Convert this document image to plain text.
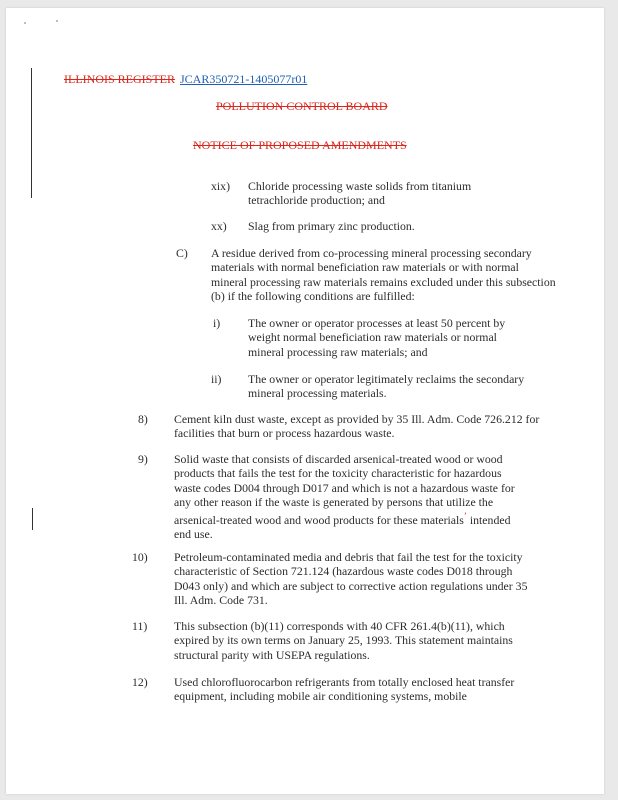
ILLINOIS REGISTER JCAR350721-1405077r01
POLLUTION CONTROL BOARD
NOTICE OF PROPOSED AMENDMENTS
xix) Chloride processing waste solids from titanium tetrachloride production; and
xx) Slag from primary zinc production.
C) A residue derived from co-processing mineral processing secondary materials with normal beneficiation raw materials or with normal mineral processing raw materials remains excluded under this subsection (b) if the following conditions are fulfilled:
i) The owner or operator processes at least 50 percent by weight normal beneficiation raw materials or normal mineral processing raw materials; and
ii) The owner or operator legitimately reclaims the secondary mineral processing materials.
8) Cement kiln dust waste, except as provided by 35 Ill. Adm. Code 726.212 for facilities that burn or process hazardous waste.
9) Solid waste that consists of discarded arsenical-treated wood or wood products that fails the test for the toxicity characteristic for hazardous waste codes D004 through D017 and which is not a hazardous waste for any other reason if the waste is generated by persons that utilize the arsenical-treated wood and wood products for these materials’ intended end use.
10) Petroleum-contaminated media and debris that fail the test for the toxicity characteristic of Section 721.124 (hazardous waste codes D018 through D043 only) and which are subject to corrective action regulations under 35 Ill. Adm. Code 731.
11) This subsection (b)(11) corresponds with 40 CFR 261.4(b)(11), which expired by its own terms on January 25, 1993. This statement maintains structural parity with USEPA regulations.
12) Used chlorofluorocarbon refrigerants from totally enclosed heat transfer equipment, including mobile air conditioning systems, mobile
